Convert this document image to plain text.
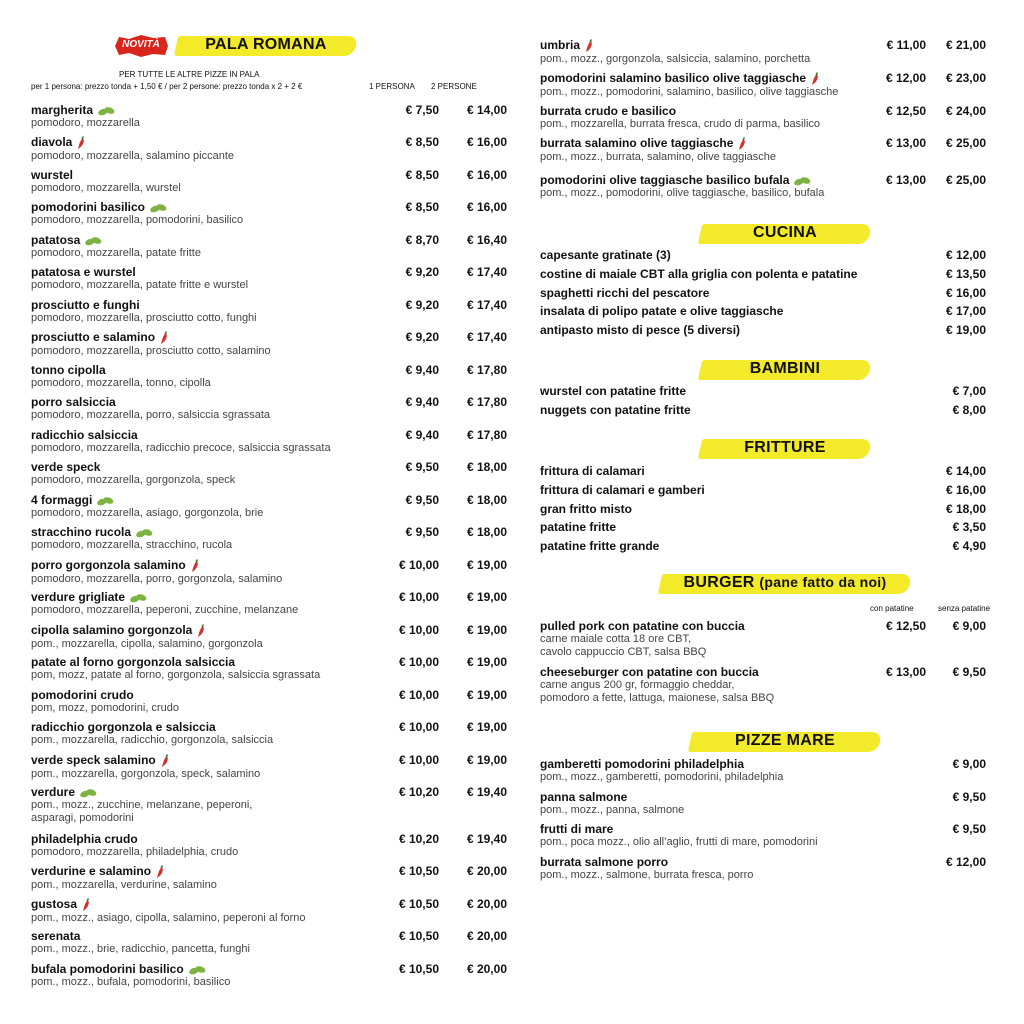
PALA ROMANA
NOVITÀ
PER TUTTE LE ALTRE PIZZE IN PALA
per 1 persona: prezzo tonda + 1,50 € / per 2 persone: prezzo tonda x 2 + 2 €	1 PERSONA 2 PERSONE
margherita
pomodoro, mozzarella
€ 7,50	€ 14,00
diavola
pomodoro, mozzarella, salamino piccante
€ 8,50	€ 16,00
wurstel
pomodoro, mozzarella, wurstel
€ 8,50	€ 16,00
pomodorini basilico
pomodoro, mozzarella, pomodorini, basilico
€ 8,50	€ 16,00
patatosa
pomodoro, mozzarella, patate fritte
€ 8,70	€ 16,40
patatosa e wurstel
pomodoro, mozzarella, patate fritte e wurstel
€ 9,20	€ 17,40
prosciutto e funghi
pomodoro, mozzarella, prosciutto cotto, funghi
€ 9,20	€ 17,40
prosciutto e salamino
pomodoro, mozzarella, prosciutto cotto, salamino
€ 9,20	€ 17,40
tonno cipolla
pomodoro, mozzarella, tonno, cipolla
€ 9,40	€ 17,80
porro salsiccia
pomodoro, mozzarella, porro, salsiccia sgrassata
€ 9,40	€ 17,80
radicchio salsiccia
pomodoro, mozzarella, radicchio precoce, salsiccia sgrassata
€ 9,40	€ 17,80
verde speck
pomodoro, mozzarella, gorgonzola, speck
€ 9,50	€ 18,00
4 formaggi
pomodoro, mozzarella, asiago, gorgonzola, brie
€ 9,50	€ 18,00
stracchino rucola
pomodoro, mozzarella, stracchino, rucola
€ 9,50	€ 18,00
porro gorgonzola salamino
pomodoro, mozzarella, porro, gorgonzola, salamino
€ 10,00	€ 19,00
verdure grigliate
pomodoro, mozzarella, peperoni, zucchine, melanzane
€ 10,00	€ 19,00
cipolla salamino gorgonzola
pom., mozzarella, cipolla, salamino, gorgonzola
€ 10,00	€ 19,00
patate al forno gorgonzola salsiccia
pom, mozz, patate al forno, gorgonzola, salsiccia sgrassata
€ 10,00	€ 19,00
pomodorini crudo
pom, mozz, pomodorini, crudo
€ 10,00	€ 19,00
radicchio gorgonzola e salsiccia
pom., mozzarella, radicchio, gorgonzola, salsiccia
€ 10,00	€ 19,00
verde speck salamino
pom., mozzarella, gorgonzola, speck, salamino
€ 10,00	€ 19,00
verdure
pom., mozz., zucchine, melanzane, peperoni,
asparagi, pomodorini
€ 10,20	€ 19,40
philadelphia crudo
pomodoro, mozzarella, philadelphia, crudo
€ 10,20	€ 19,40
verdurine e salamino
pom., mozzarella, verdurine, salamino
€ 10,50	€ 20,00
gustosa
pom., mozz., asiago, cipolla, salamino, peperoni al forno
€ 10,50	€ 20,00
serenata
pom., mozz., brie, radicchio, pancetta, funghi
€ 10,50	€ 20,00
bufala pomodorini basilico
pom., mozz., bufala, pomodorini, basilico
€ 10,50	€ 20,00
umbria
pom., mozz., gorgonzola, salsiccia, salamino, porchetta
€ 11,00	€ 21,00
pomodorini salamino basilico olive taggiasche
pom., mozz., pomodorini, salamino, basilico, olive taggiasche
€ 12,00	€ 23,00
burrata crudo e basilico
pom., mozzarella, burrata fresca, crudo di parma, basilico
€ 12,50	€ 24,00
burrata salamino olive taggiasche
pom., mozz., burrata, salamino, olive taggiasche
€ 13,00	€ 25,00
pomodorini olive taggiasche basilico bufala
pom., mozz., pomodorini, olive taggiasche, basilico, bufala
€ 13,00	€ 25,00
CUCINA
capesante gratinate (3)	€ 12,00
costine di maiale CBT alla griglia con polenta e patatine	€ 13,50
spaghetti ricchi del pescatore	€ 16,00
insalata di polipo patate e olive taggiasche	€ 17,00
antipasto misto di pesce (5 diversi)	€ 19,00
BAMBINI
wurstel con patatine fritte	€ 7,00
nuggets con patatine fritte	€ 8,00
FRITTURE
frittura di calamari	€ 14,00
frittura di calamari e gamberi	€ 16,00
gran fritto misto	€ 18,00
patatine fritte	€ 3,50
patatine fritte grande	€ 4,90
BURGER (pane fatto da noi)
con patatine	senza patatine
pulled pork con patatine con buccia
carne maiale cotta 18 ore CBT,
cavolo cappuccio CBT, salsa BBQ
€ 12,50	€ 9,00
cheeseburger con patatine con buccia
carne angus 200 gr, formaggio cheddar,
pomodoro a fette, lattuga, maionese, salsa BBQ
€ 13,00	€ 9,50
PIZZE MARE
gamberetti pomodorini philadelphia
pom., mozz., gamberetti, pomodorini, philadelphia
€ 9,00
panna salmone
pom., mozz., panna, salmone
€ 9,50
frutti di mare
pom., poca mozz., olio all’aglio, frutti di mare, pomodorini
€ 9,50
burrata salmone porro
pom., mozz., salmone, burrata fresca, porro
€ 12,00
